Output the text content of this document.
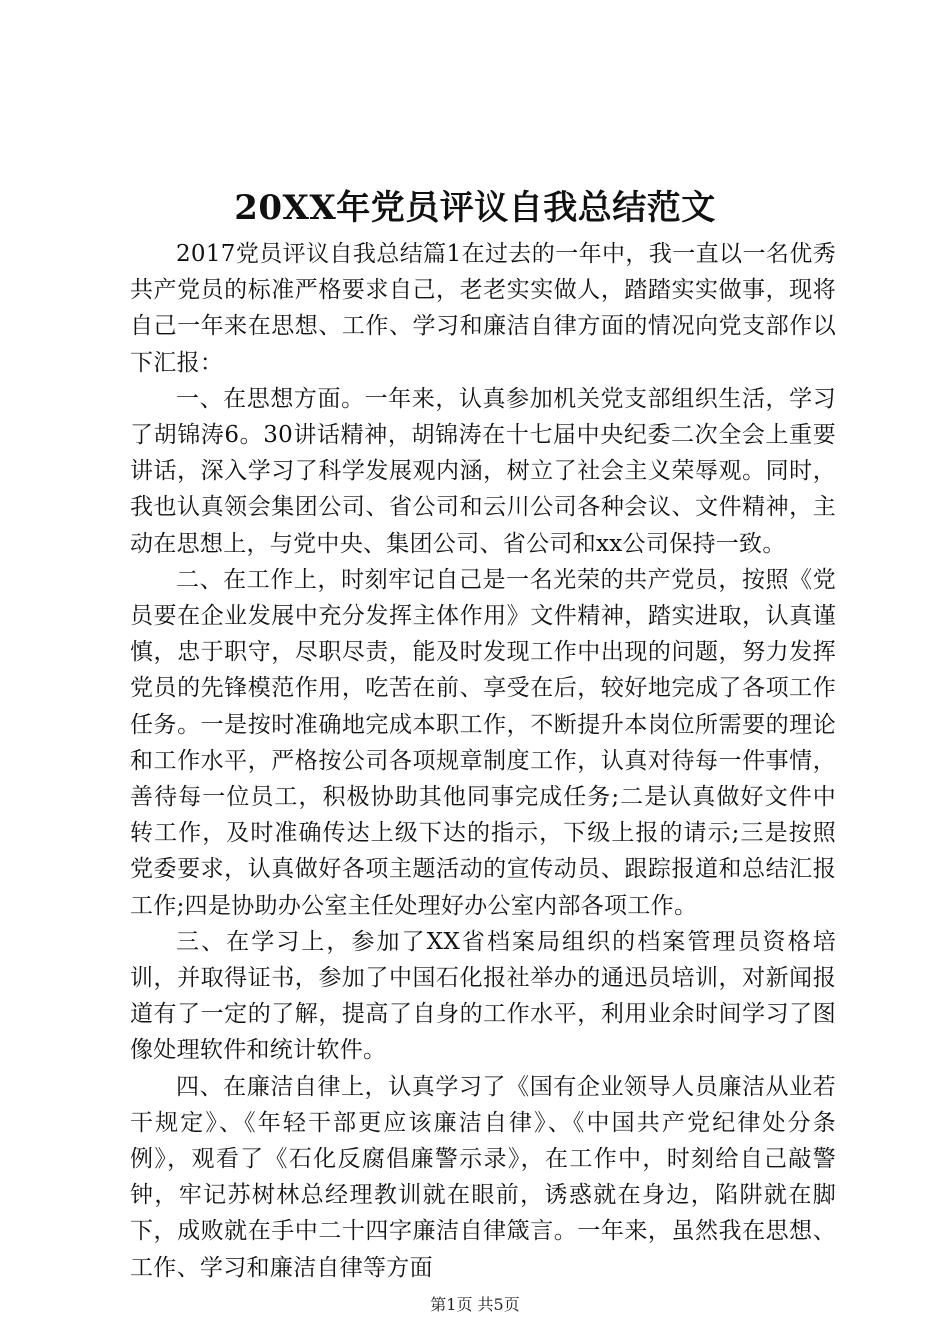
20XX年党员评议自我总结范文

2017党员评议自我总结篇1在过去的一年中，我一直以一名优秀共产党员的标准严格要求自己，老老实实做人，踏踏实实做事，现将自己一年来在思想、工作、学习和廉洁自律方面的情况向党支部作以下汇报：

一、在思想方面。一年来，认真参加机关党支部组织生活，学习了胡锦涛6。30讲话精神，胡锦涛在十七届中央纪委二次全会上重要讲话，深入学习了科学发展观内涵，树立了社会主义荣辱观。同时，我也认真领会集团公司、省公司和云川公司各种会议、文件精神，主动在思想上，与党中央、集团公司、省公司和xx公司保持一致。

二、在工作上，时刻牢记自己是一名光荣的共产党员，按照《党员要在企业发展中充分发挥主体作用》文件精神，踏实进取，认真谨慎，忠于职守，尽职尽责，能及时发现工作中出现的问题，努力发挥党员的先锋模范作用，吃苦在前、享受在后，较好地完成了各项工作任务。一是按时准确地完成本职工作，不断提升本岗位所需要的理论和工作水平，严格按公司各项规章制度工作，认真对待每一件事情，善待每一位员工，积极协助其他同事完成任务;二是认真做好文件中转工作，及时准确传达上级下达的指示，下级上报的请示;三是按照党委要求，认真做好各项主题活动的宣传动员、跟踪报道和总结汇报工作;四是协助办公室主任处理好办公室内部各项工作。

三、在学习上，参加了XX省档案局组织的档案管理员资格培训，并取得证书，参加了中国石化报社举办的通迅员培训，对新闻报道有了一定的了解，提高了自身的工作水平，利用业余时间学习了图像处理软件和统计软件。

四、在廉洁自律上，认真学习了《国有企业领导人员廉洁从业若干规定》、《年轻干部更应该廉洁自律》、《中国共产党纪律处分条例》，观看了《石化反腐倡廉警示录》，在工作中，时刻给自己敲警钟，牢记苏树林总经理教训就在眼前，诱惑就在身边，陷阱就在脚下，成败就在手中二十四字廉洁自律箴言。一年来，虽然我在思想、工作、学习和廉洁自律等方面

第1页 共5页
